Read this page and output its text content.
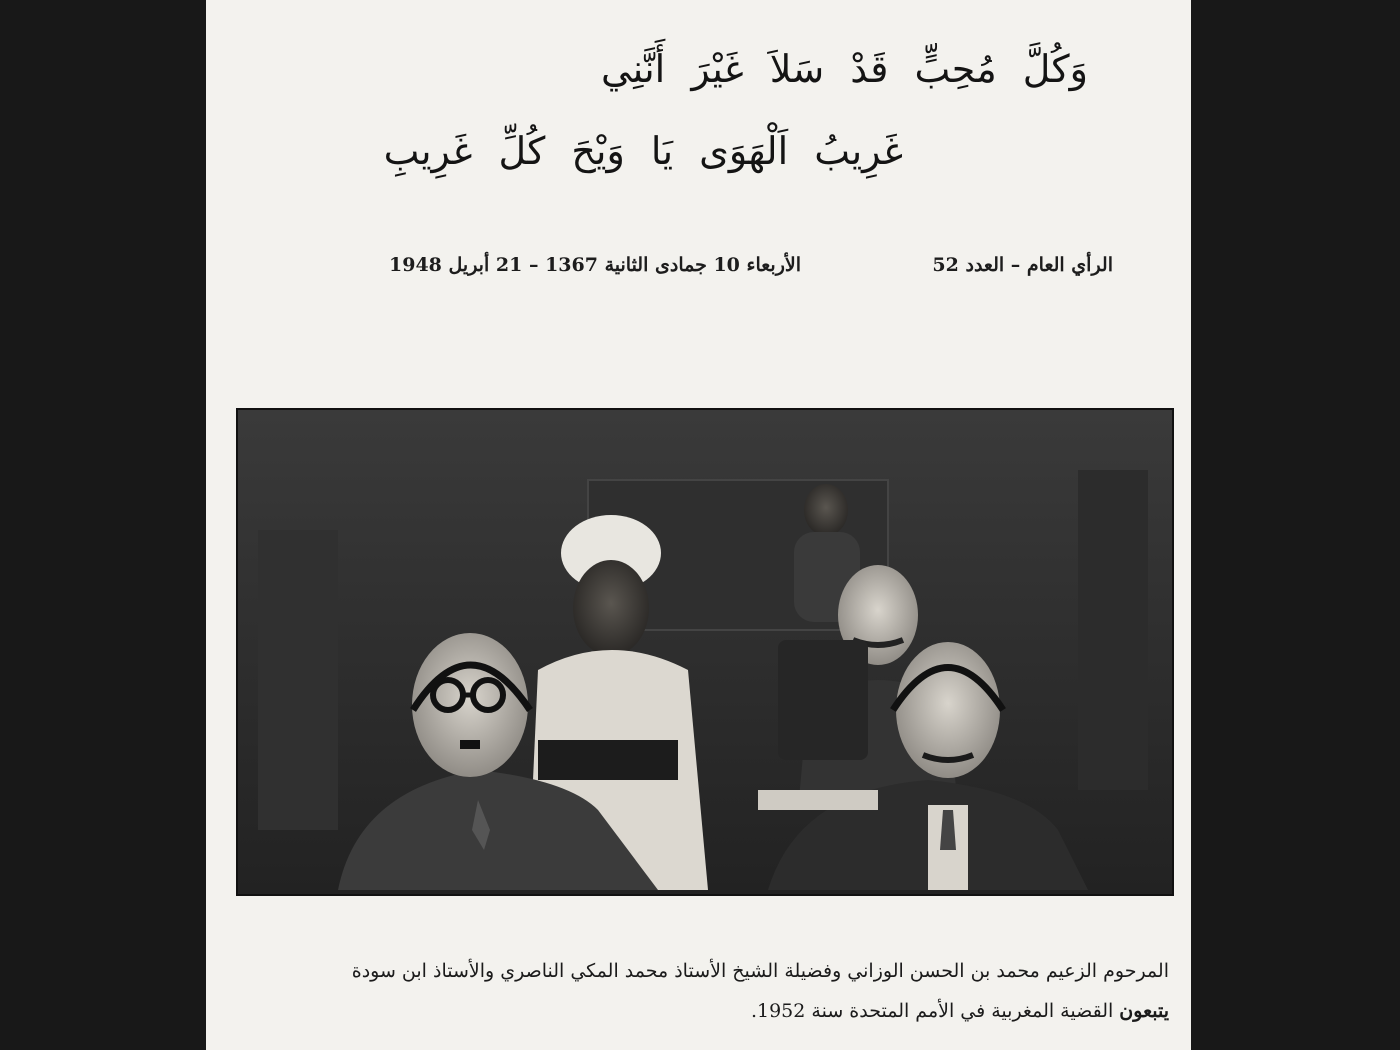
وَكُلَّ مُحِبٍّ قَدْ سَلاَ غَيْرَ أَنَّنِي
غَرِيبُ اَلْهَوَى يَا وَيْحَ كُلِّ غَرِيبِ
الرأي العام – العدد 52
الأربعاء 10 جمادى الثانية 1367 – 21 أبريل 1948
المرحوم الزعيم محمد بن الحسن الوزاني وفضيلة الشيخ الأستاذ محمد المكي الناصري والأستاذ ابن سودة
يتبعون القضية المغربية في الأمم المتحدة سنة 1952.
